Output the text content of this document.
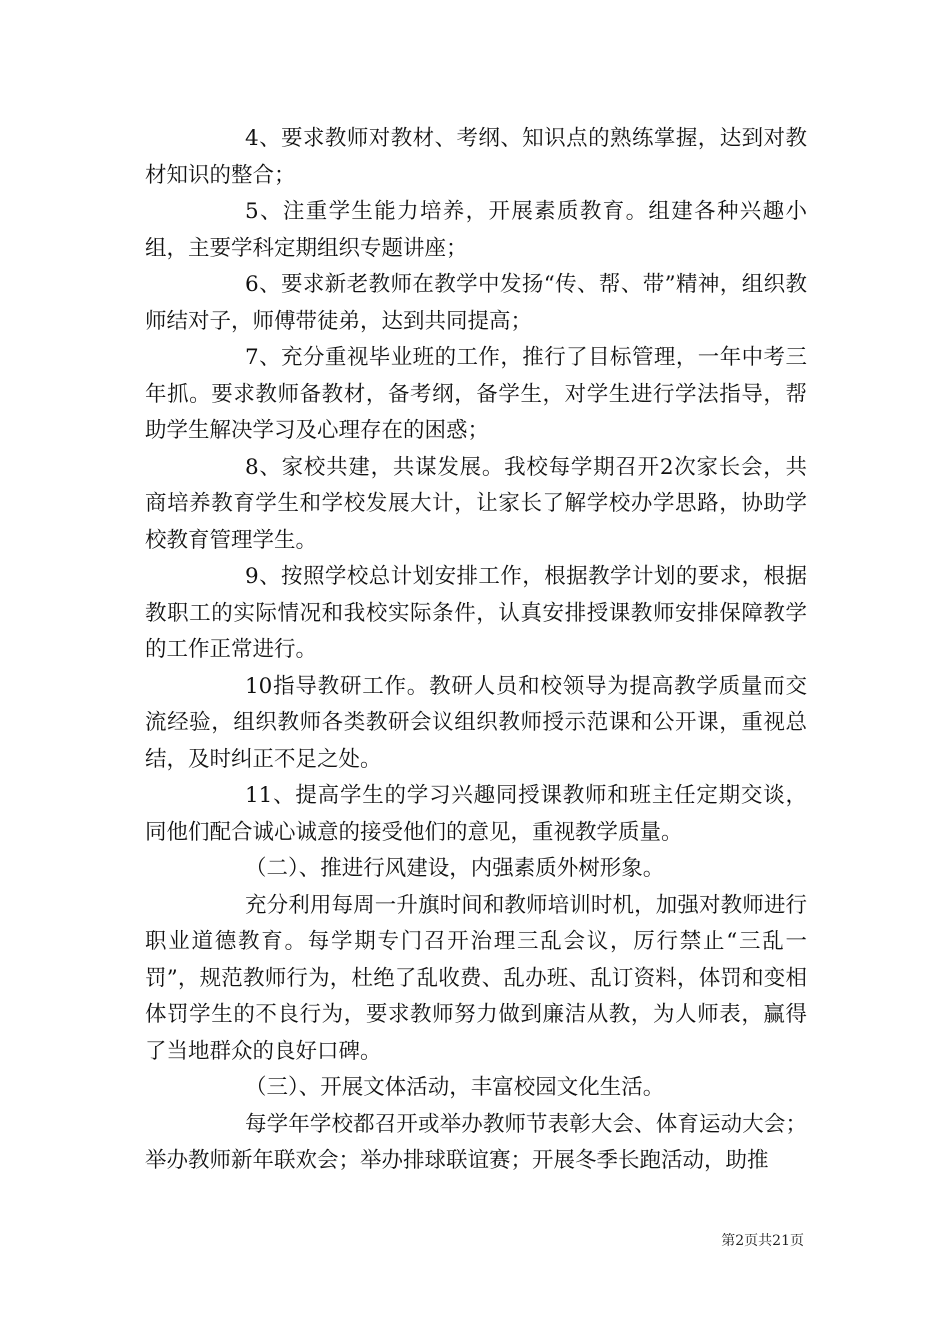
4、要求教师对教材、考纲、知识点的熟练掌握，达到对教材知识的整合；

5、注重学生能力培养，开展素质教育。组建各种兴趣小组，主要学科定期组织专题讲座；

6、要求新老教师在教学中发扬“传、帮、带”精神，组织教师结对子，师傅带徒弟，达到共同提高；

7、充分重视毕业班的工作，推行了目标管理，一年中考三年抓。要求教师备教材，备考纲，备学生，对学生进行学法指导，帮助学生解决学习及心理存在的困惑；

8、家校共建，共谋发展。我校每学期召开2次家长会，共商培养教育学生和学校发展大计，让家长了解学校办学思路，协助学校教育管理学生。

9、按照学校总计划安排工作，根据教学计划的要求，根据教职工的实际情况和我校实际条件，认真安排授课教师安排保障教学的工作正常进行。

10指导教研工作。教研人员和校领导为提高教学质量而交流经验，组织教师各类教研会议组织教师授示范课和公开课，重视总结，及时纠正不足之处。

11、提高学生的学习兴趣同授课教师和班主任定期交谈，同他们配合诚心诚意的接受他们的意见，重视教学质量。

（二）、推进行风建设，内强素质外树形象。

充分利用每周一升旗时间和教师培训时机，加强对教师进行职业道德教育。每学期专门召开治理三乱会议，厉行禁止“三乱一罚”，规范教师行为，杜绝了乱收费、乱办班、乱订资料，体罚和变相体罚学生的不良行为，要求教师努力做到廉洁从教，为人师表，赢得了当地群众的良好口碑。

（三）、开展文体活动，丰富校园文化生活。

每学年学校都召开或举办教师节表彰大会、体育运动大会；举办教师新年联欢会；举办排球联谊赛；开展冬季长跑活动，助推

第2页共21页
